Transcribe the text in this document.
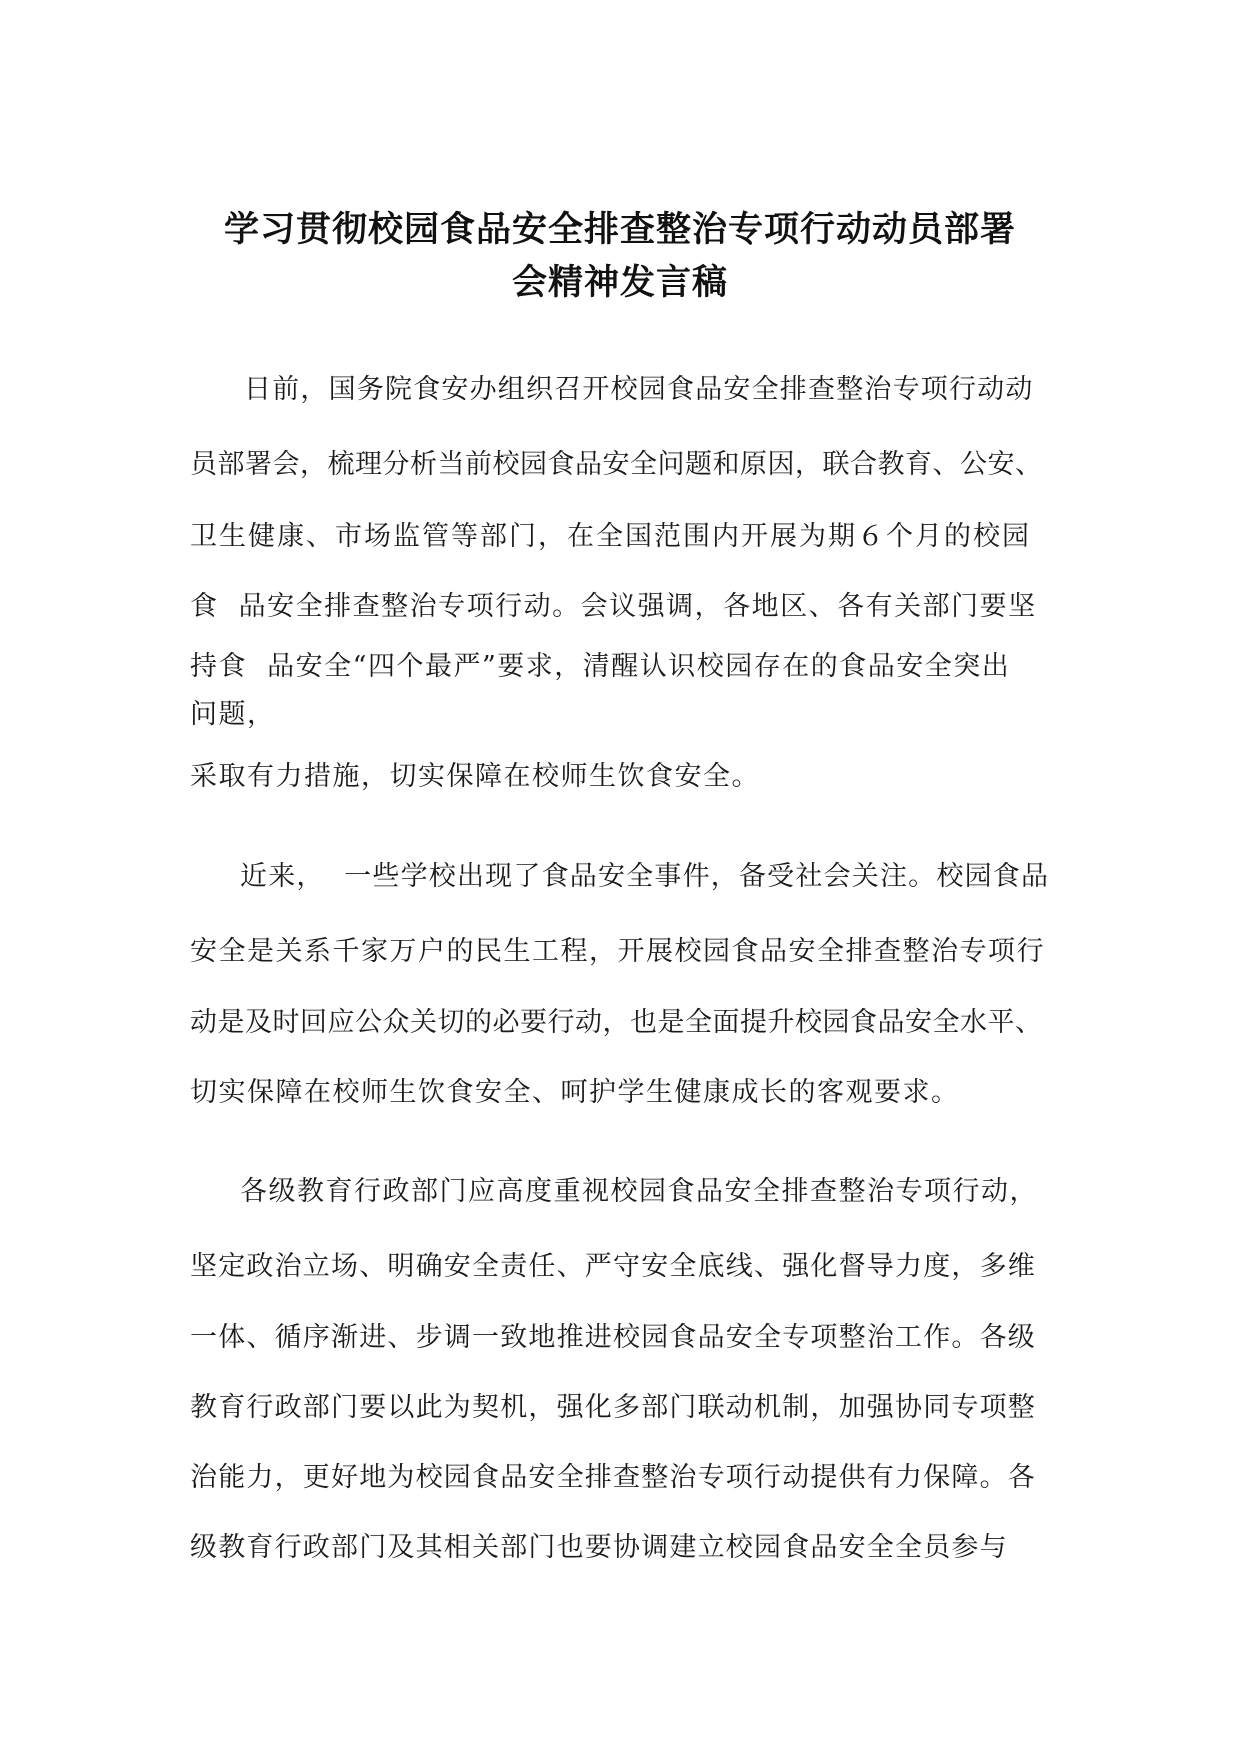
学习贯彻校园食品安全排查整治专项行动动员部署
会精神发言稿
日前，国务院食安办组织召开校园食品安全排查整治专项行动动
员部署会，梳理分析当前校园食品安全问题和原因，联合教育、公安、
卫生健康、市场监管等部门，在全国范围内开展为期６个月的校园
食  品安全排查整治专项行动。会议强调，各地区、各有关部门要坚
持食  品安全“四个最严”要求，清醒认识校园存在的食品安全突出
问题，
采取有力措施，切实保障在校师生饮食安全。
近来，  一些学校出现了食品安全事件，备受社会关注。校园食品
安全是关系千家万户的民生工程，开展校园食品安全排查整治专项行
动是及时回应公众关切的必要行动，也是全面提升校园食品安全水平、
切实保障在校师生饮食安全、呵护学生健康成长的客观要求。
各级教育行政部门应高度重视校园食品安全排查整治专项行动，
坚定政治立场、明确安全责任、严守安全底线、强化督导力度，多维
一体、循序渐进、步调一致地推进校园食品安全专项整治工作。各级
教育行政部门要以此为契机，强化多部门联动机制，加强协同专项整
治能力，更好地为校园食品安全排查整治专项行动提供有力保障。各
级教育行政部门及其相关部门也要协调建立校园食品安全全员参与
